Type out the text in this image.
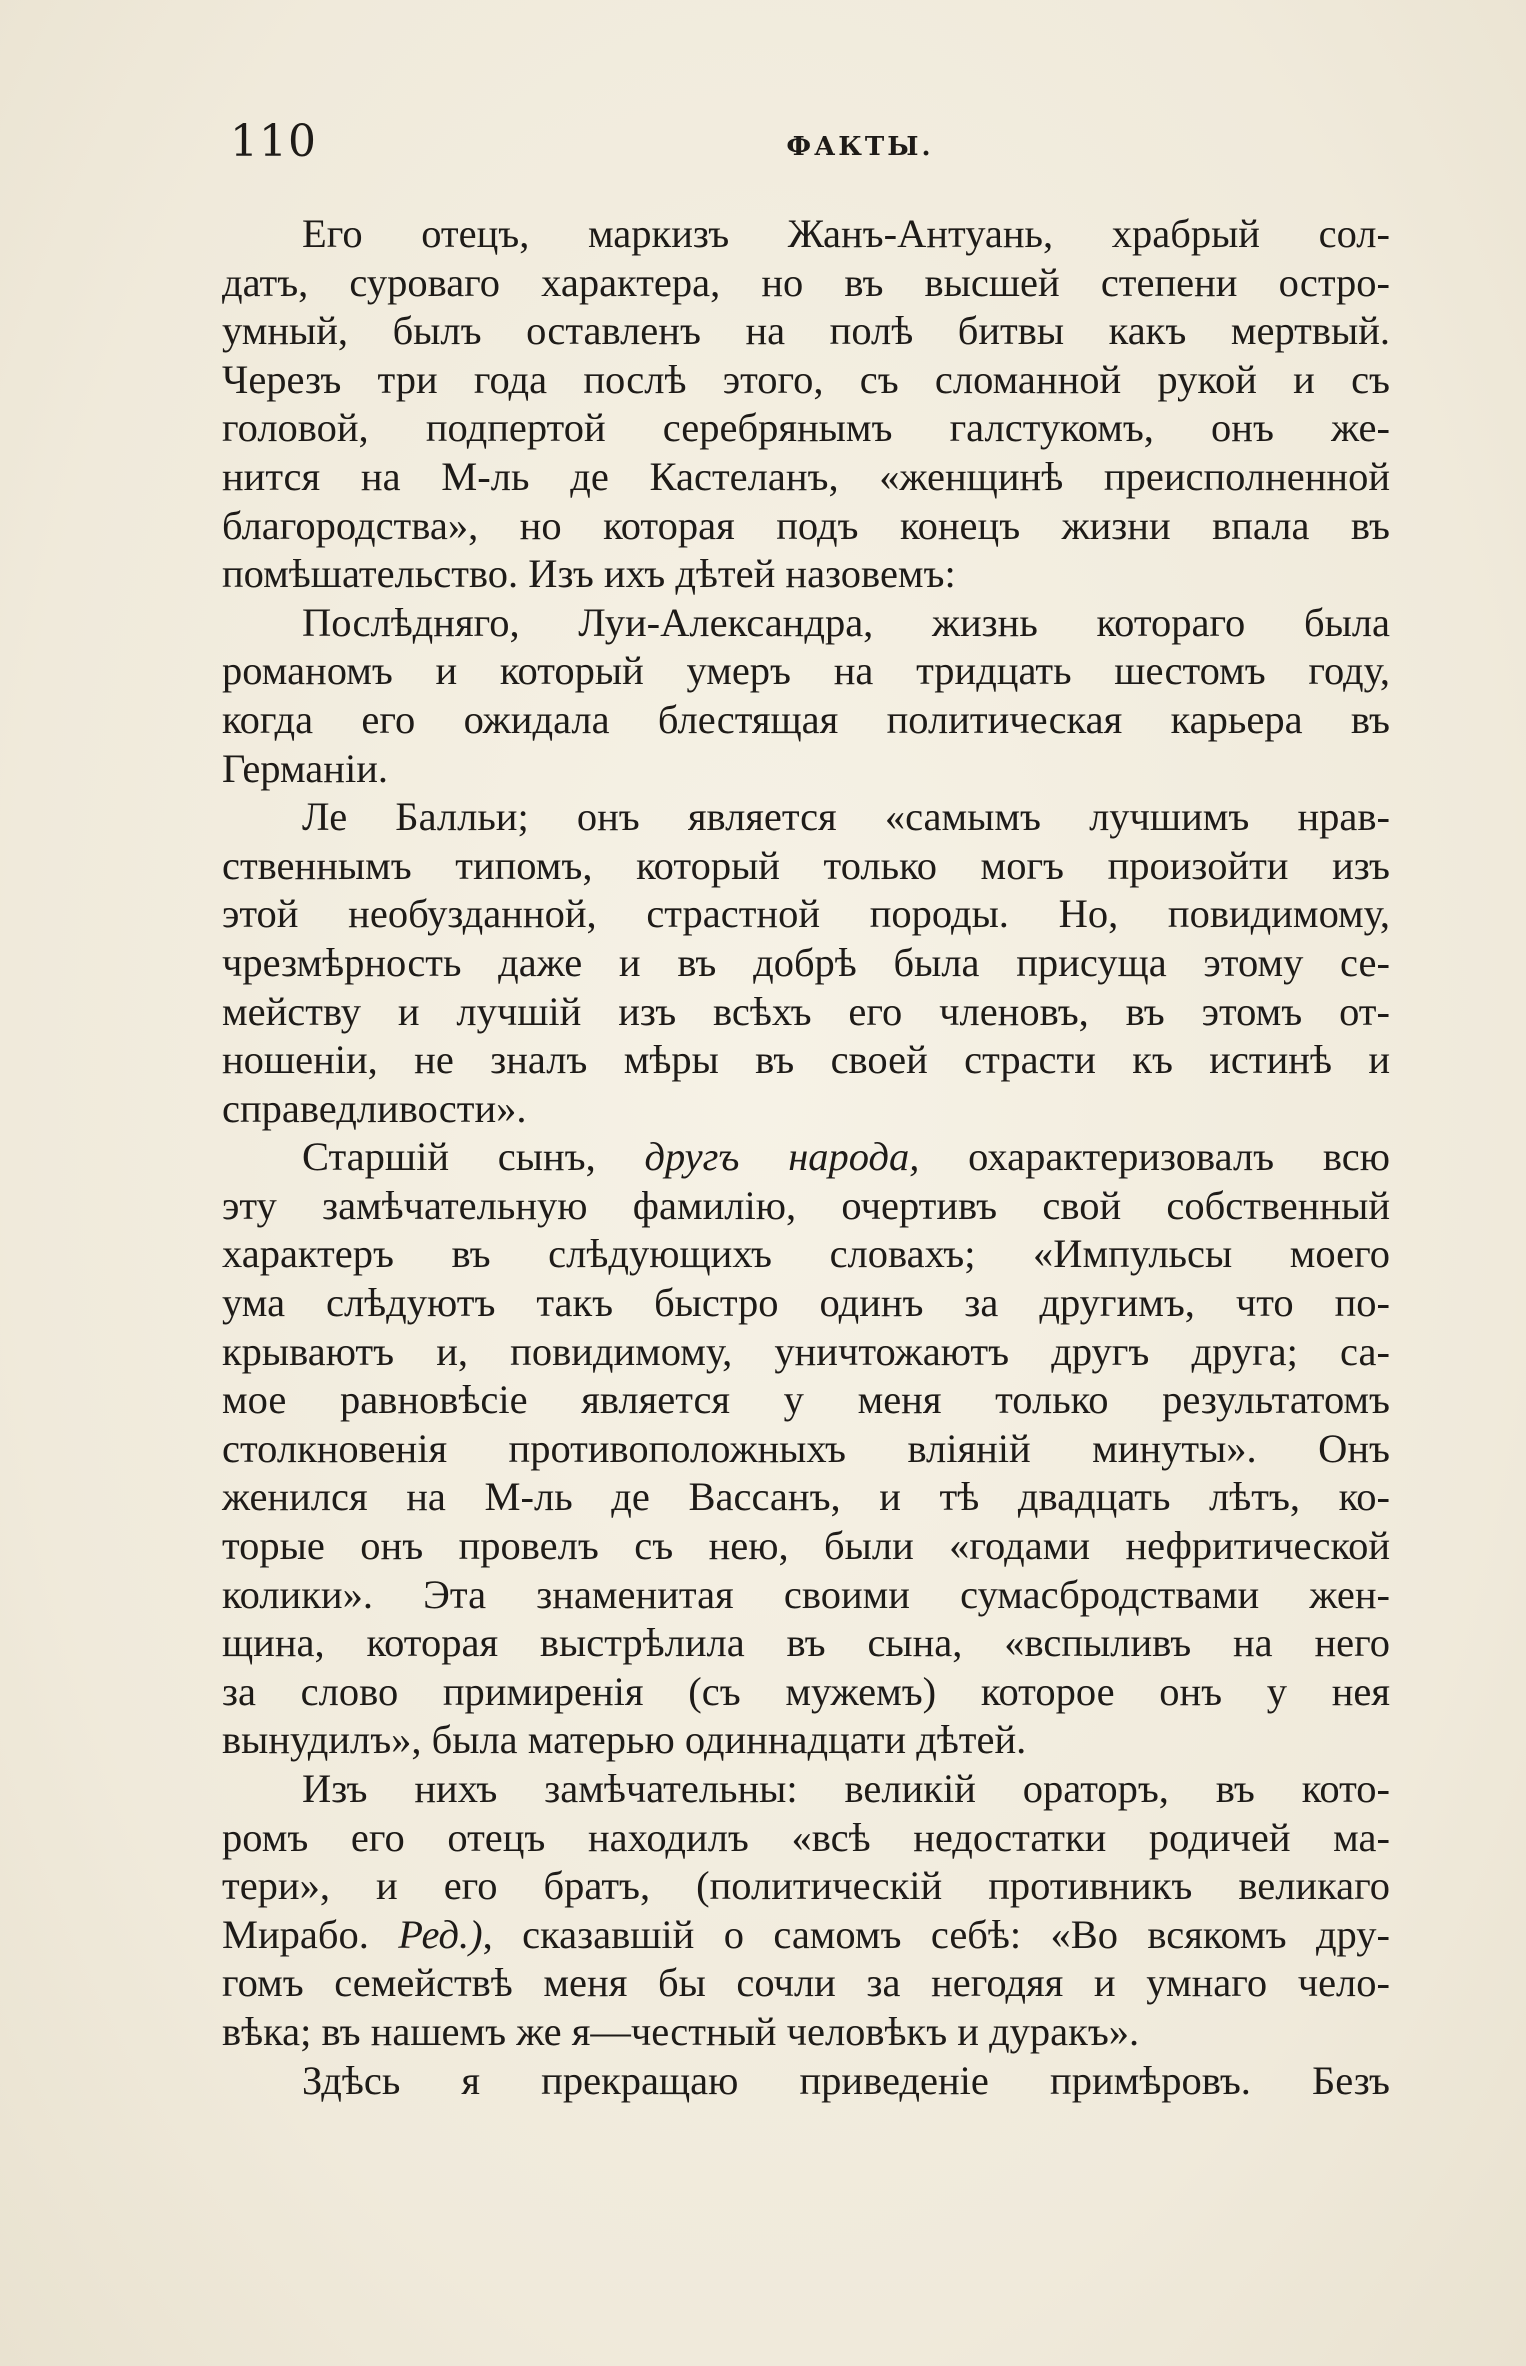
110	ФАКТЫ.
Его отецъ, маркизъ Жанъ-Антуань, храбрый сол-
датъ, суроваго характера, но въ высшей степени остро-
умный, былъ оставленъ на полѣ битвы какъ мертвый.
Черезъ три года послѣ этого, съ сломанной рукой и съ
головой, подпертой серебрянымъ галстукомъ, онъ же-
нится на М-ль де Кастеланъ, «женщинѣ преисполненной
благородства», но которая подъ конецъ жизни впала въ
помѣшательство. Изъ ихъ дѣтей назовемъ:
Послѣдняго, Луи-Александра, жизнь котораго была
романомъ и который умеръ на тридцать шестомъ году,
когда его ожидала блестящая политическая карьера въ
Германіи.
Ле Балльи; онъ является «самымъ лучшимъ нрав-
ственнымъ типомъ, который только могъ произойти изъ
этой необузданной, страстной породы. Но, повидимому,
чрезмѣрность даже и въ добрѣ была присуща этому се-
мейству и лучшій изъ всѣхъ его членовъ, въ этомъ от-
ношеніи, не зналъ мѣры въ своей страсти къ истинѣ и
справедливости».
Старшій сынъ, другъ народа, охарактеризовалъ всю
эту замѣчательную фамилію, очертивъ свой собственный
характеръ въ слѣдующихъ словахъ; «Импульсы моего
ума слѣдуютъ такъ быстро одинъ за другимъ, что по-
крываютъ и, повидимому, уничтожаютъ другъ друга; са-
мое равновѣсіе является у меня только результатомъ
столкновенія противоположныхъ вліяній минуты». Онъ
женился на М-ль де Вассанъ, и тѣ двадцать лѣтъ, ко-
торые онъ провелъ съ нею, были «годами нефритической
колики». Эта знаменитая своими сумасбродствами жен-
щина, которая выстрѣлила въ сына, «вспыливъ на него
за слово примиренія (съ мужемъ) которое онъ у нея
вынудилъ», была матерью одиннадцати дѣтей.
Изъ нихъ замѣчательны: великій ораторъ, въ кото-
ромъ его отецъ находилъ «всѣ недостатки родичей ма-
тери», и его братъ, (политическій противникъ великаго
Мирабо. Ред.), сказавшій о самомъ себѣ: «Во всякомъ дру-
гомъ семействѣ меня бы сочли за негодяя и умнаго чело-
вѣка; въ нашемъ же я—честный человѣкъ и дуракъ».
Здѣсь я прекращаю приведеніе примѣровъ. Безъ
